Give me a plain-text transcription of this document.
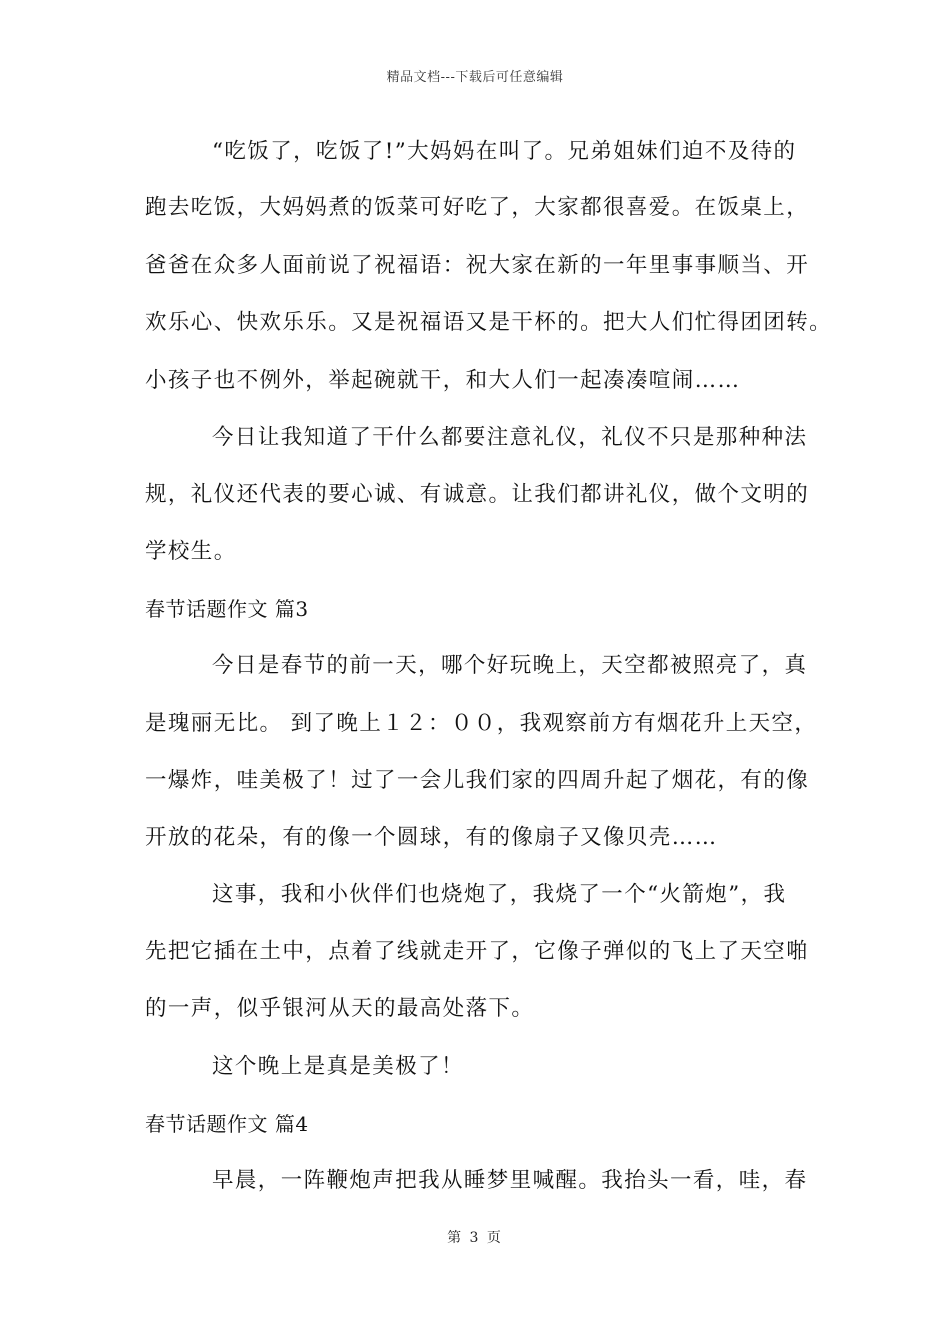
精品文档---下载后可任意编辑
“吃饭了，吃饭了!”大妈妈在叫了。兄弟姐妹们迫不及待的
跑去吃饭，大妈妈煮的饭菜可好吃了，大家都很喜爱。在饭桌上，
爸爸在众多人面前说了祝福语：祝大家在新的一年里事事顺当、开
欢乐心、快欢乐乐。又是祝福语又是干杯的。把大人们忙得团团转。
小孩子也不例外，举起碗就干，和大人们一起凑凑喧闹……
今日让我知道了干什么都要注意礼仪，礼仪不只是那种种法
规，礼仪还代表的要心诚、有诚意。让我们都讲礼仪，做个文明的
学校生。
春节话题作文 篇3
今日是春节的前一天，哪个好玩晚上，天空都被照亮了，真
是瑰丽无比。 到了晚上１２：００，我观察前方有烟花升上天空，
一爆炸，哇美极了！过了一会儿我们家的四周升起了烟花，有的像
开放的花朵，有的像一个圆球，有的像扇子又像贝壳……
这事，我和小伙伴们也烧炮了，我烧了一个“火箭炮”，我
先把它插在土中，点着了线就走开了，它像子弹似的飞上了天空啪
的一声，似乎银河从天的最高处落下。
这个晚上是真是美极了！
春节话题作文 篇4
早晨，一阵鞭炮声把我从睡梦里喊醒。我抬头一看，哇，春
第 3 页
